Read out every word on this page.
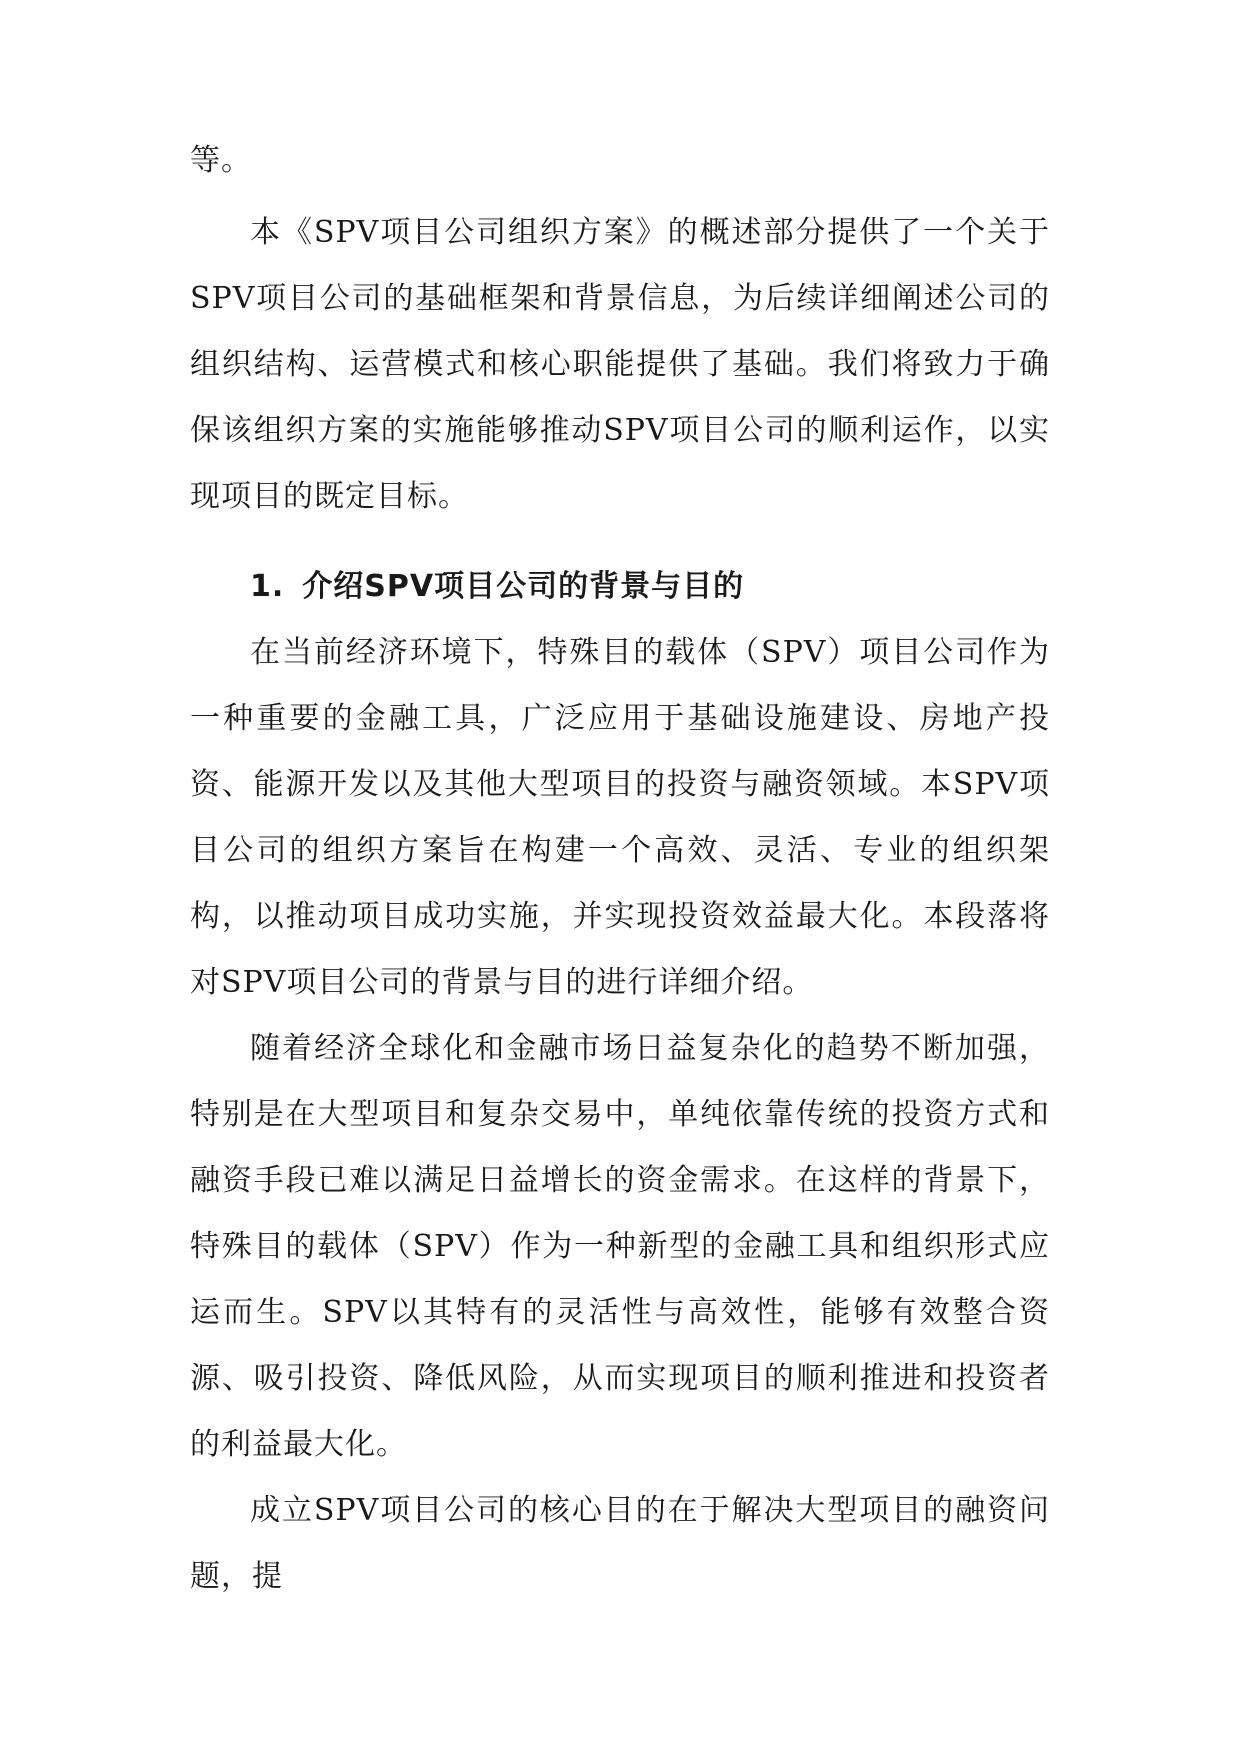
等。

本《SPV项目公司组织方案》的概述部分提供了一个关于SPV项目公司的基础框架和背景信息，为后续详细阐述公司的组织结构、运营模式和核心职能提供了基础。我们将致力于确保该组织方案的实施能够推动SPV项目公司的顺利运作，以实现项目的既定目标。

1. 介绍SPV项目公司的背景与目的

在当前经济环境下，特殊目的载体（SPV）项目公司作为一种重要的金融工具，广泛应用于基础设施建设、房地产投资、能源开发以及其他大型项目的投资与融资领域。本SPV项目公司的组织方案旨在构建一个高效、灵活、专业的组织架构，以推动项目成功实施，并实现投资效益最大化。本段落将对SPV项目公司的背景与目的进行详细介绍。

随着经济全球化和金融市场日益复杂化的趋势不断加强，特别是在大型项目和复杂交易中，单纯依靠传统的投资方式和融资手段已难以满足日益增长的资金需求。在这样的背景下，特殊目的载体（SPV）作为一种新型的金融工具和组织形式应运而生。SPV以其特有的灵活性与高效性，能够有效整合资源、吸引投资、降低风险，从而实现项目的顺利推进和投资者的利益最大化。

成立SPV项目公司的核心目的在于解决大型项目的融资问题，提
